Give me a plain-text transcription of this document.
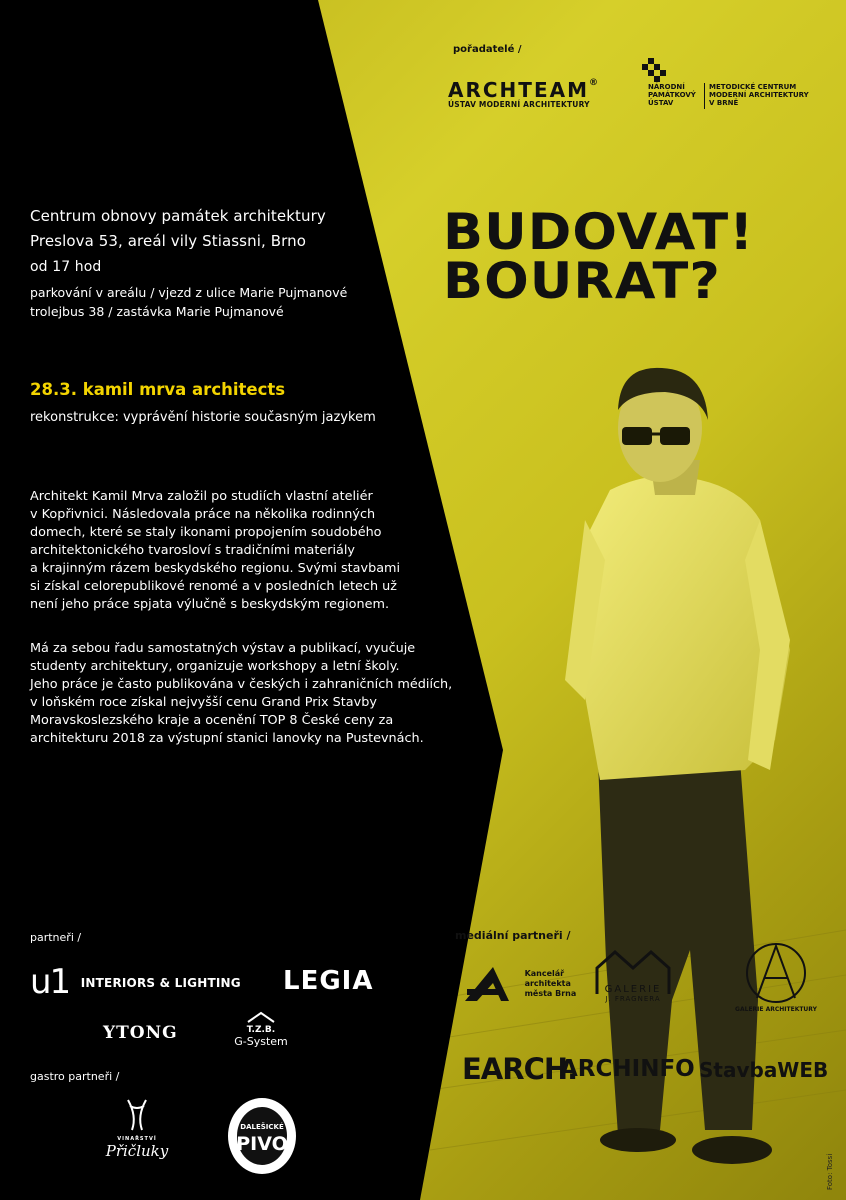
pořadatelé /
ARCHTEAM®
ÚSTAV MODERNÍ ARCHITEKTURY
NÁRODNÍ
PAMÁTKOVÝ
ÚSTAV
METODICKÉ CENTRUM
MODERNÍ ARCHITEKTURY
V BRNĚ
Centrum obnovy památek architektury
Preslova 53, areál vily Stiassni, Brno
od 17 hod
parkování v areálu / vjezd z ulice Marie Pujmanové
trolejbus 38 / zastávka Marie Pujmanové
BUDOVAT!
BOURAT?
28.3. kamil mrva architects
rekonstrukce: vyprávění historie současným jazykem
Architekt Kamil Mrva založil po studiích vlastní ateliér
v Kopřivnici. Následovala práce na několika rodinných
domech, které se staly ikonami propojením soudobého
architektonického tvarosloví s tradičními materiály
a krajinným rázem beskydského regionu. Svými stavbami
si získal celorepublikové renomé a v posledních letech už
není jeho práce spjata výlučně s beskydským regionem.
Má za sebou řadu samostatných výstav a publikací, vyučuje
studenty architektury, organizuje workshopy a letní školy.
Jeho práce je často publikována v českých i zahraničních médiích,
v loňském roce získal nejvyšší cenu Grand Prix Stavby
Moravskoslezského kraje a ocenění TOP 8 České ceny za
architekturu 2018 za výstupní stanici lanovky na Pustevnách.
partneři /
u1 $^{INTERIORS \& LIGHTING}$ LEGIA
YTONG	T.Z.B.
G-System
gastro partneři /
VINAŘSTVÍ
Přičluky
DALEŠICKÉ
PIVO
mediální partneři /

Kancelář
architekta
města Brna	GALERIE
J. FRAGNERA
GALERIE ARCHITEKTURY
EARCH.
ARCHINFO StavbaWEB
Foto: Tossi
